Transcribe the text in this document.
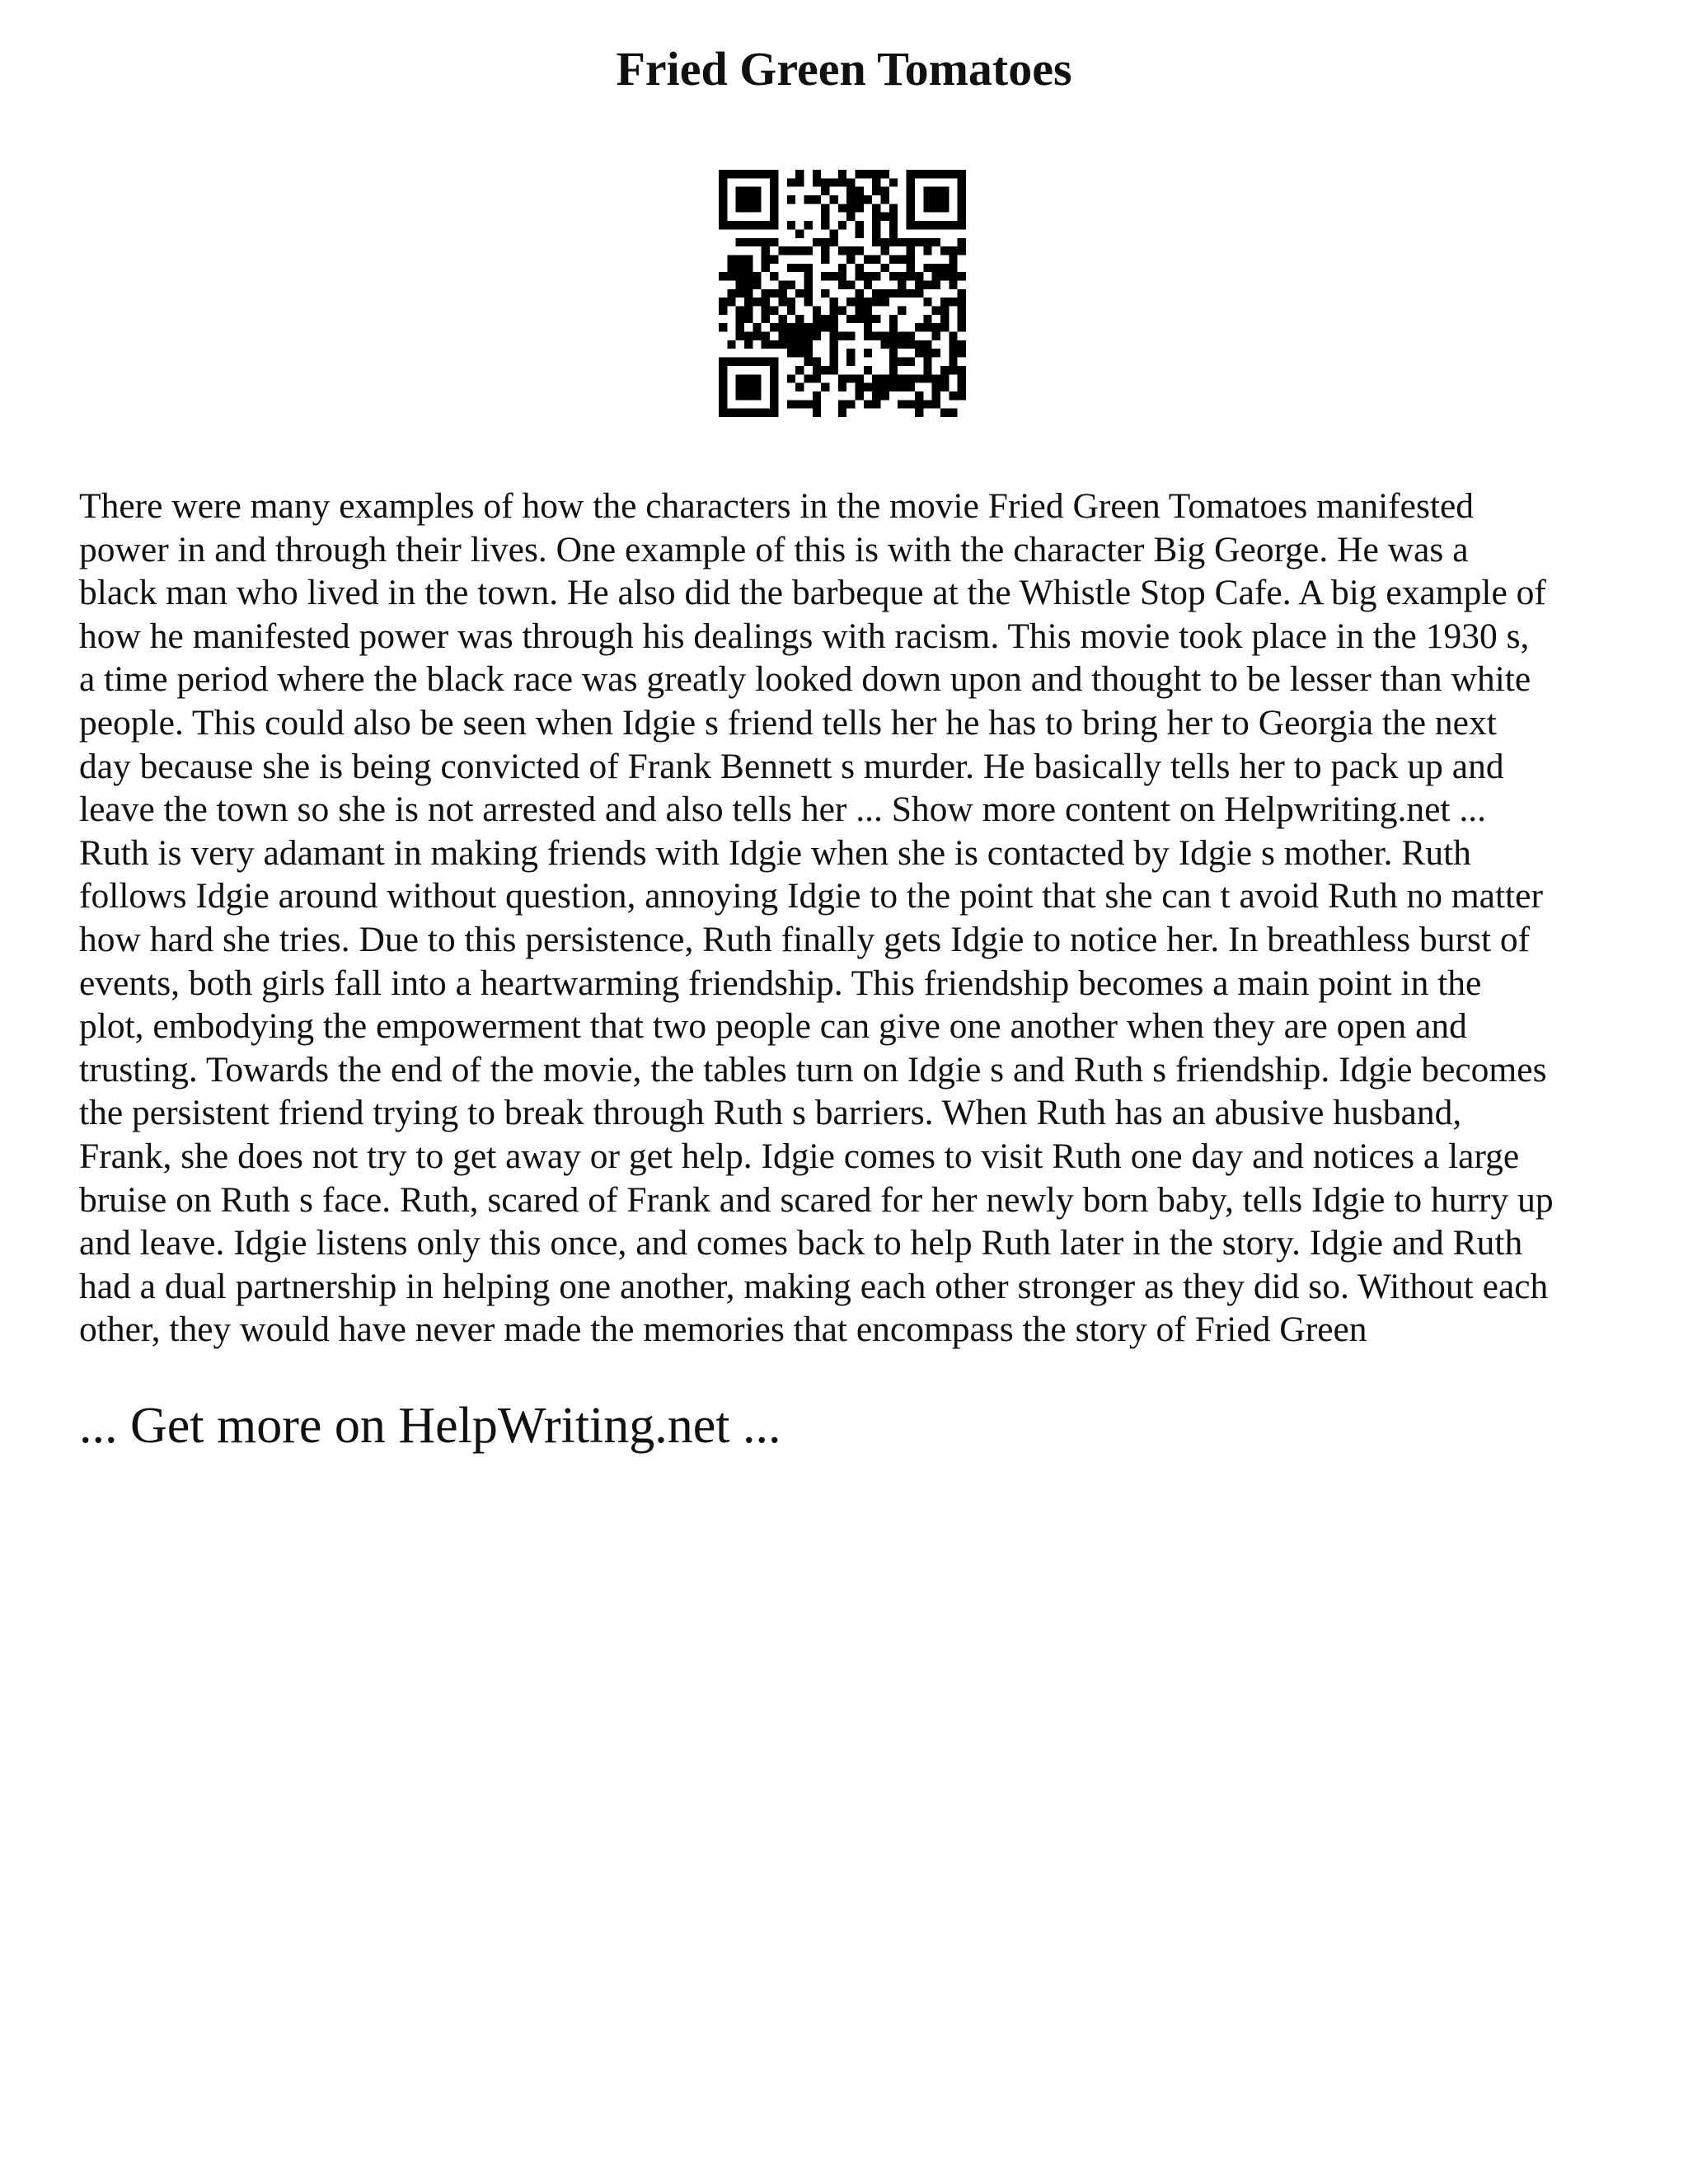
Fried Green Tomatoes
There were many examples of how the characters in the movie Fried Green Tomatoes manifested
power in and through their lives. One example of this is with the character Big George. He was a
black man who lived in the town. He also did the barbeque at the Whistle Stop Cafe. A big example of
how he manifested power was through his dealings with racism. This movie took place in the 1930 s,
a time period where the black race was greatly looked down upon and thought to be lesser than white
people. This could also be seen when Idgie s friend tells her he has to bring her to Georgia the next
day because she is being convicted of Frank Bennett s murder. He basically tells her to pack up and
leave the town so she is not arrested and also tells her ... Show more content on Helpwriting.net ...
Ruth is very adamant in making friends with Idgie when she is contacted by Idgie s mother. Ruth
follows Idgie around without question, annoying Idgie to the point that she can t avoid Ruth no matter
how hard she tries. Due to this persistence, Ruth finally gets Idgie to notice her. In breathless burst of
events, both girls fall into a heartwarming friendship. This friendship becomes a main point in the
plot, embodying the empowerment that two people can give one another when they are open and
trusting. Towards the end of the movie, the tables turn on Idgie s and Ruth s friendship. Idgie becomes
the persistent friend trying to break through Ruth s barriers. When Ruth has an abusive husband,
Frank, she does not try to get away or get help. Idgie comes to visit Ruth one day and notices a large
bruise on Ruth s face. Ruth, scared of Frank and scared for her newly born baby, tells Idgie to hurry up
and leave. Idgie listens only this once, and comes back to help Ruth later in the story. Idgie and Ruth
had a dual partnership in helping one another, making each other stronger as they did so. Without each
other, they would have never made the memories that encompass the story of Fried Green

... Get more on HelpWriting.net ...
